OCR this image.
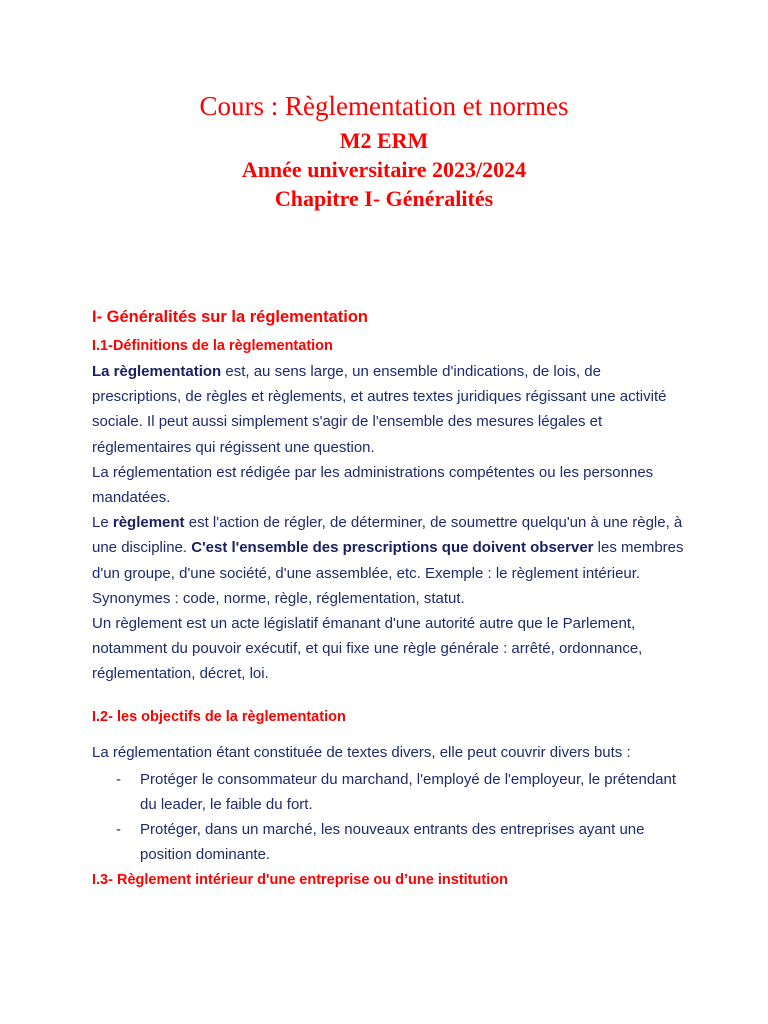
Cours : Règlementation et normes
M2 ERM
Année universitaire 2023/2024
Chapitre I- Généralités
I- Généralités sur la réglementation
I.1-Définitions de la règlementation

La règlementation est, au sens large, un ensemble d'indications, de lois, de prescriptions, de règles et règlements, et autres textes juridiques régissant une activité sociale. Il peut aussi simplement s'agir de l'ensemble des mesures légales et réglementaires qui régissent une question.

La réglementation est rédigée par les administrations compétentes ou les personnes mandatées.

Le règlement est l'action de régler, de déterminer, de soumettre quelqu'un à une règle, à une discipline. C'est l'ensemble des prescriptions que doivent observer les membres d'un groupe, d'une société, d'une assemblée, etc. Exemple : le règlement intérieur.

Synonymes : code, norme, règle, réglementation, statut.

Un règlement est un acte législatif émanant d'une autorité autre que le Parlement, notamment du pouvoir exécutif, et qui fixe une règle générale : arrêté, ordonnance, réglementation, décret, loi.

I.2- les objectifs de la règlementation

La réglementation étant constituée de textes divers, elle peut couvrir divers buts :

- Protéger le consommateur du marchand, l'employé de l'employeur, le prétendant du leader, le faible du fort.
- Protéger, dans un marché, les nouveaux entrants des entreprises ayant une position dominante.
I.3- Règlement intérieur d'une entreprise ou d’une institution
